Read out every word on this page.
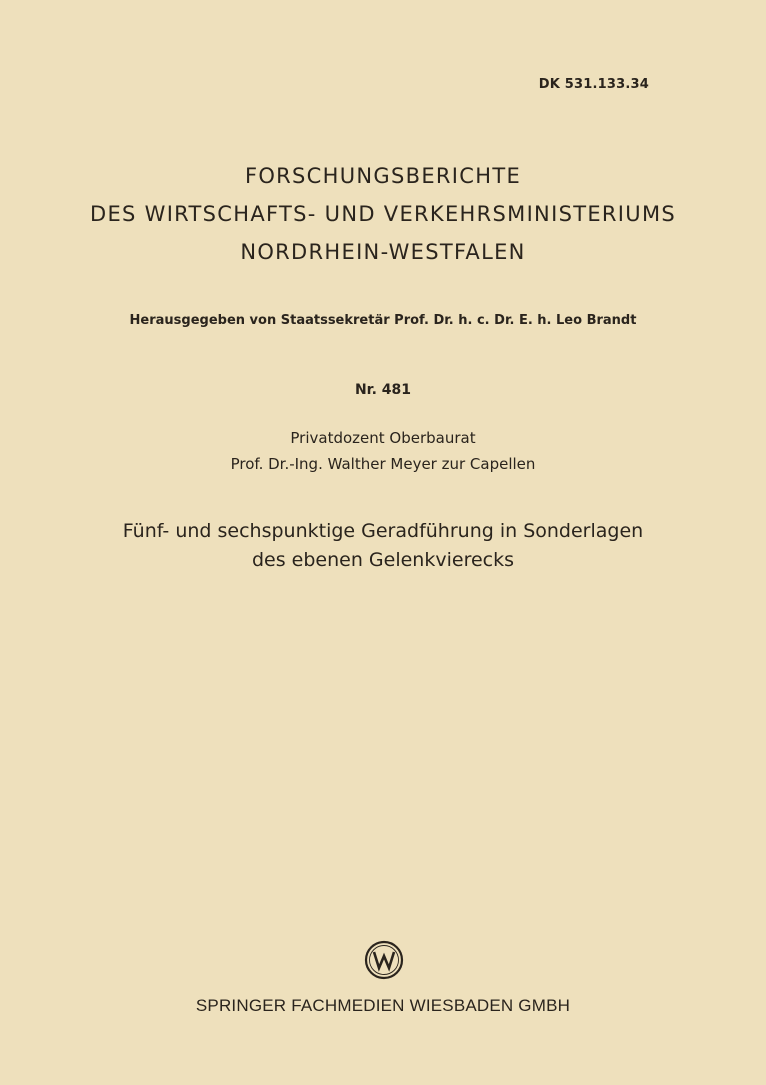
DK 531.133.34
FORSCHUNGSBERICHTE
DES WIRTSCHAFTS- UND VERKEHRSMINISTERIUMS
NORDRHEIN-WESTFALEN
Herausgegeben von Staatssekretär Prof. Dr. h. c. Dr. E. h. Leo Brandt
Nr. 481
Privatdozent Oberbaurat
Prof. Dr.-Ing. Walther Meyer zur Capellen
Fünf- und sechspunktige Geradführung in Sonderlagen
des ebenen Gelenkvierecks
SPRINGER FACHMEDIEN WIESBADEN GMBH
